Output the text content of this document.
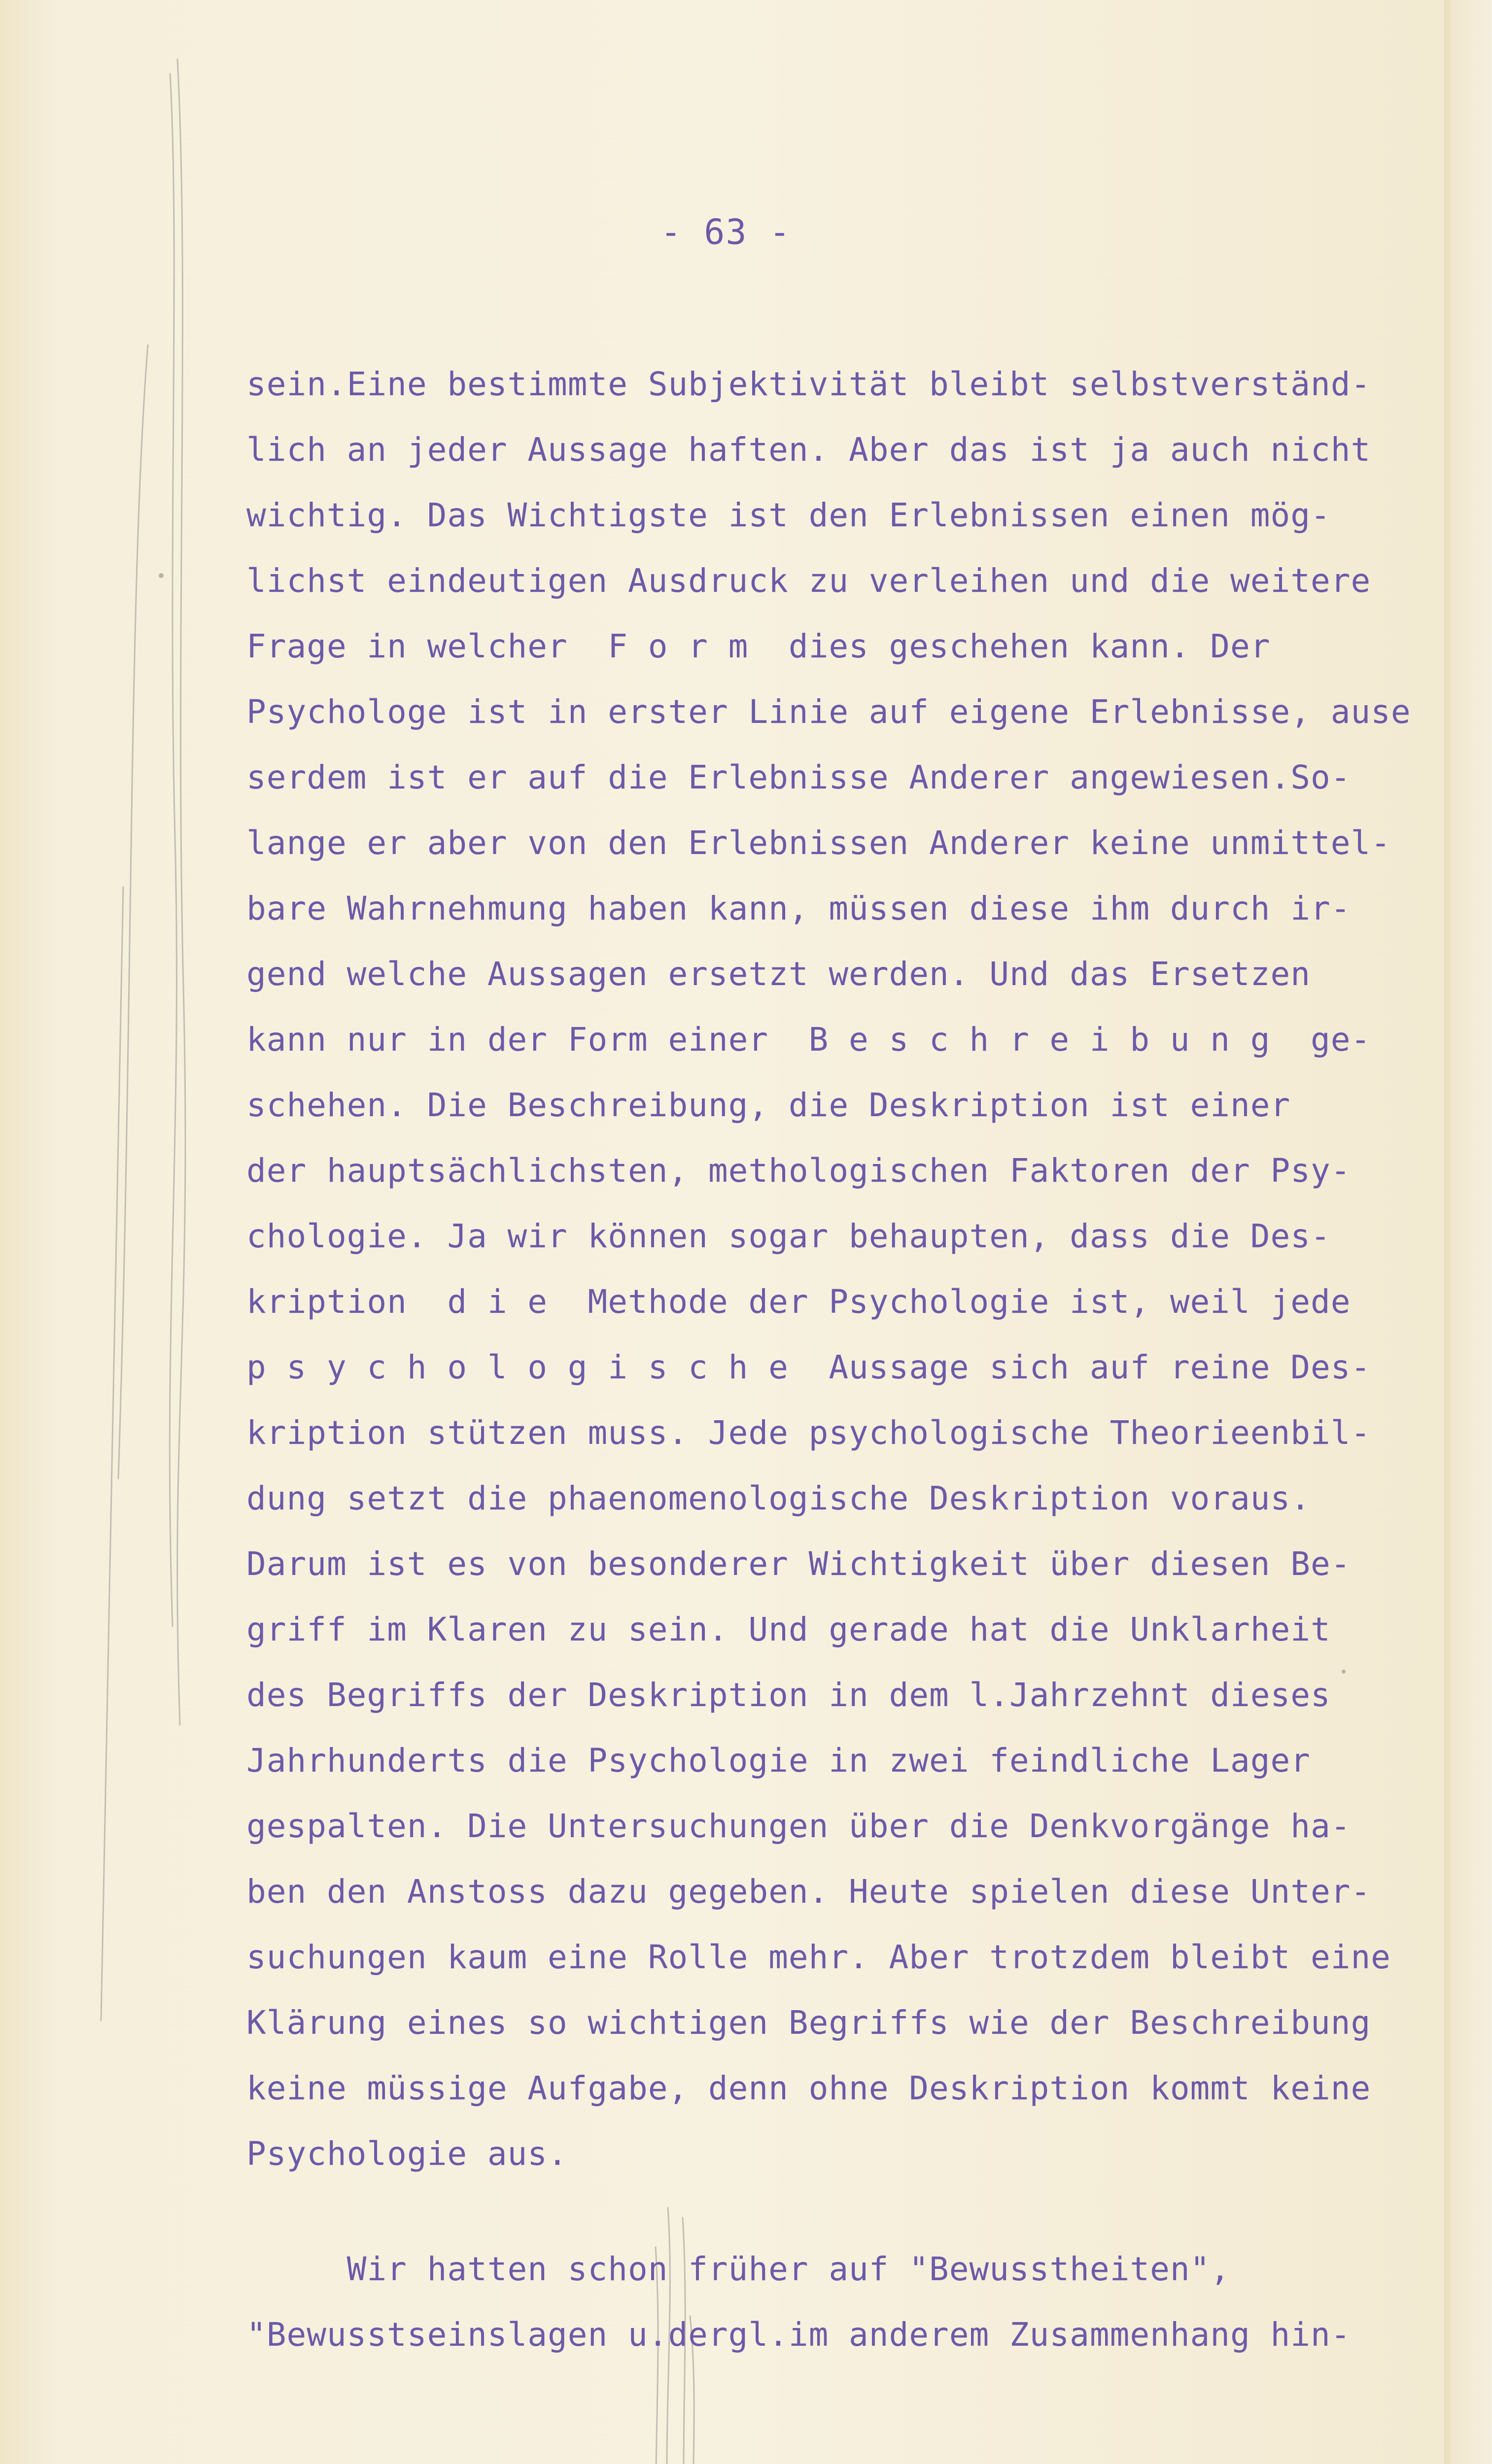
- 63 -
sein.Eine bestimmte Subjektivität bleibt selbstverständ-
lich an jeder Aussage haften. Aber das ist ja auch nicht
wichtig. Das Wichtigste ist den Erlebnissen einen mög-
lichst eindeutigen Ausdruck zu verleihen und die weitere
Frage in welcher  F o r m  dies geschehen kann. Der
Psychologe ist in erster Linie auf eigene Erlebnisse, ause
serdem ist er auf die Erlebnisse Anderer angewiesen.So-
lange er aber von den Erlebnissen Anderer keine unmittel-
bare Wahrnehmung haben kann, müssen diese ihm durch ir-
gend welche Aussagen ersetzt werden. Und das Ersetzen
kann nur in der Form einer  B e s c h r e i b u n g  ge-
schehen. Die Beschreibung, die Deskription ist einer
der hauptsächlichsten, methologischen Faktoren der Psy-
chologie. Ja wir können sogar behaupten, dass die Des-
kription  d i e  Methode der Psychologie ist, weil jede
p s y c h o l o g i s c h e  Aussage sich auf reine Des-
kription stützen muss. Jede psychologische Theorieenbil-
dung setzt die phaenomenologische Deskription voraus.
Darum ist es von besonderer Wichtigkeit über diesen Be-
griff im Klaren zu sein. Und gerade hat die Unklarheit
des Begriffs der Deskription in dem l.Jahrzehnt dieses
Jahrhunderts die Psychologie in zwei feindliche Lager
gespalten. Die Untersuchungen über die Denkvorgänge ha-
ben den Anstoss dazu gegeben. Heute spielen diese Unter-
suchungen kaum eine Rolle mehr. Aber trotzdem bleibt eine
Klärung eines so wichtigen Begriffs wie der Beschreibung
keine müssige Aufgabe, denn ohne Deskription kommt keine
Psychologie aus.
Wir hatten schon früher auf "Bewusstheiten",
"Bewusstseinslagen u.dergl.im anderem Zusammenhang hin-
